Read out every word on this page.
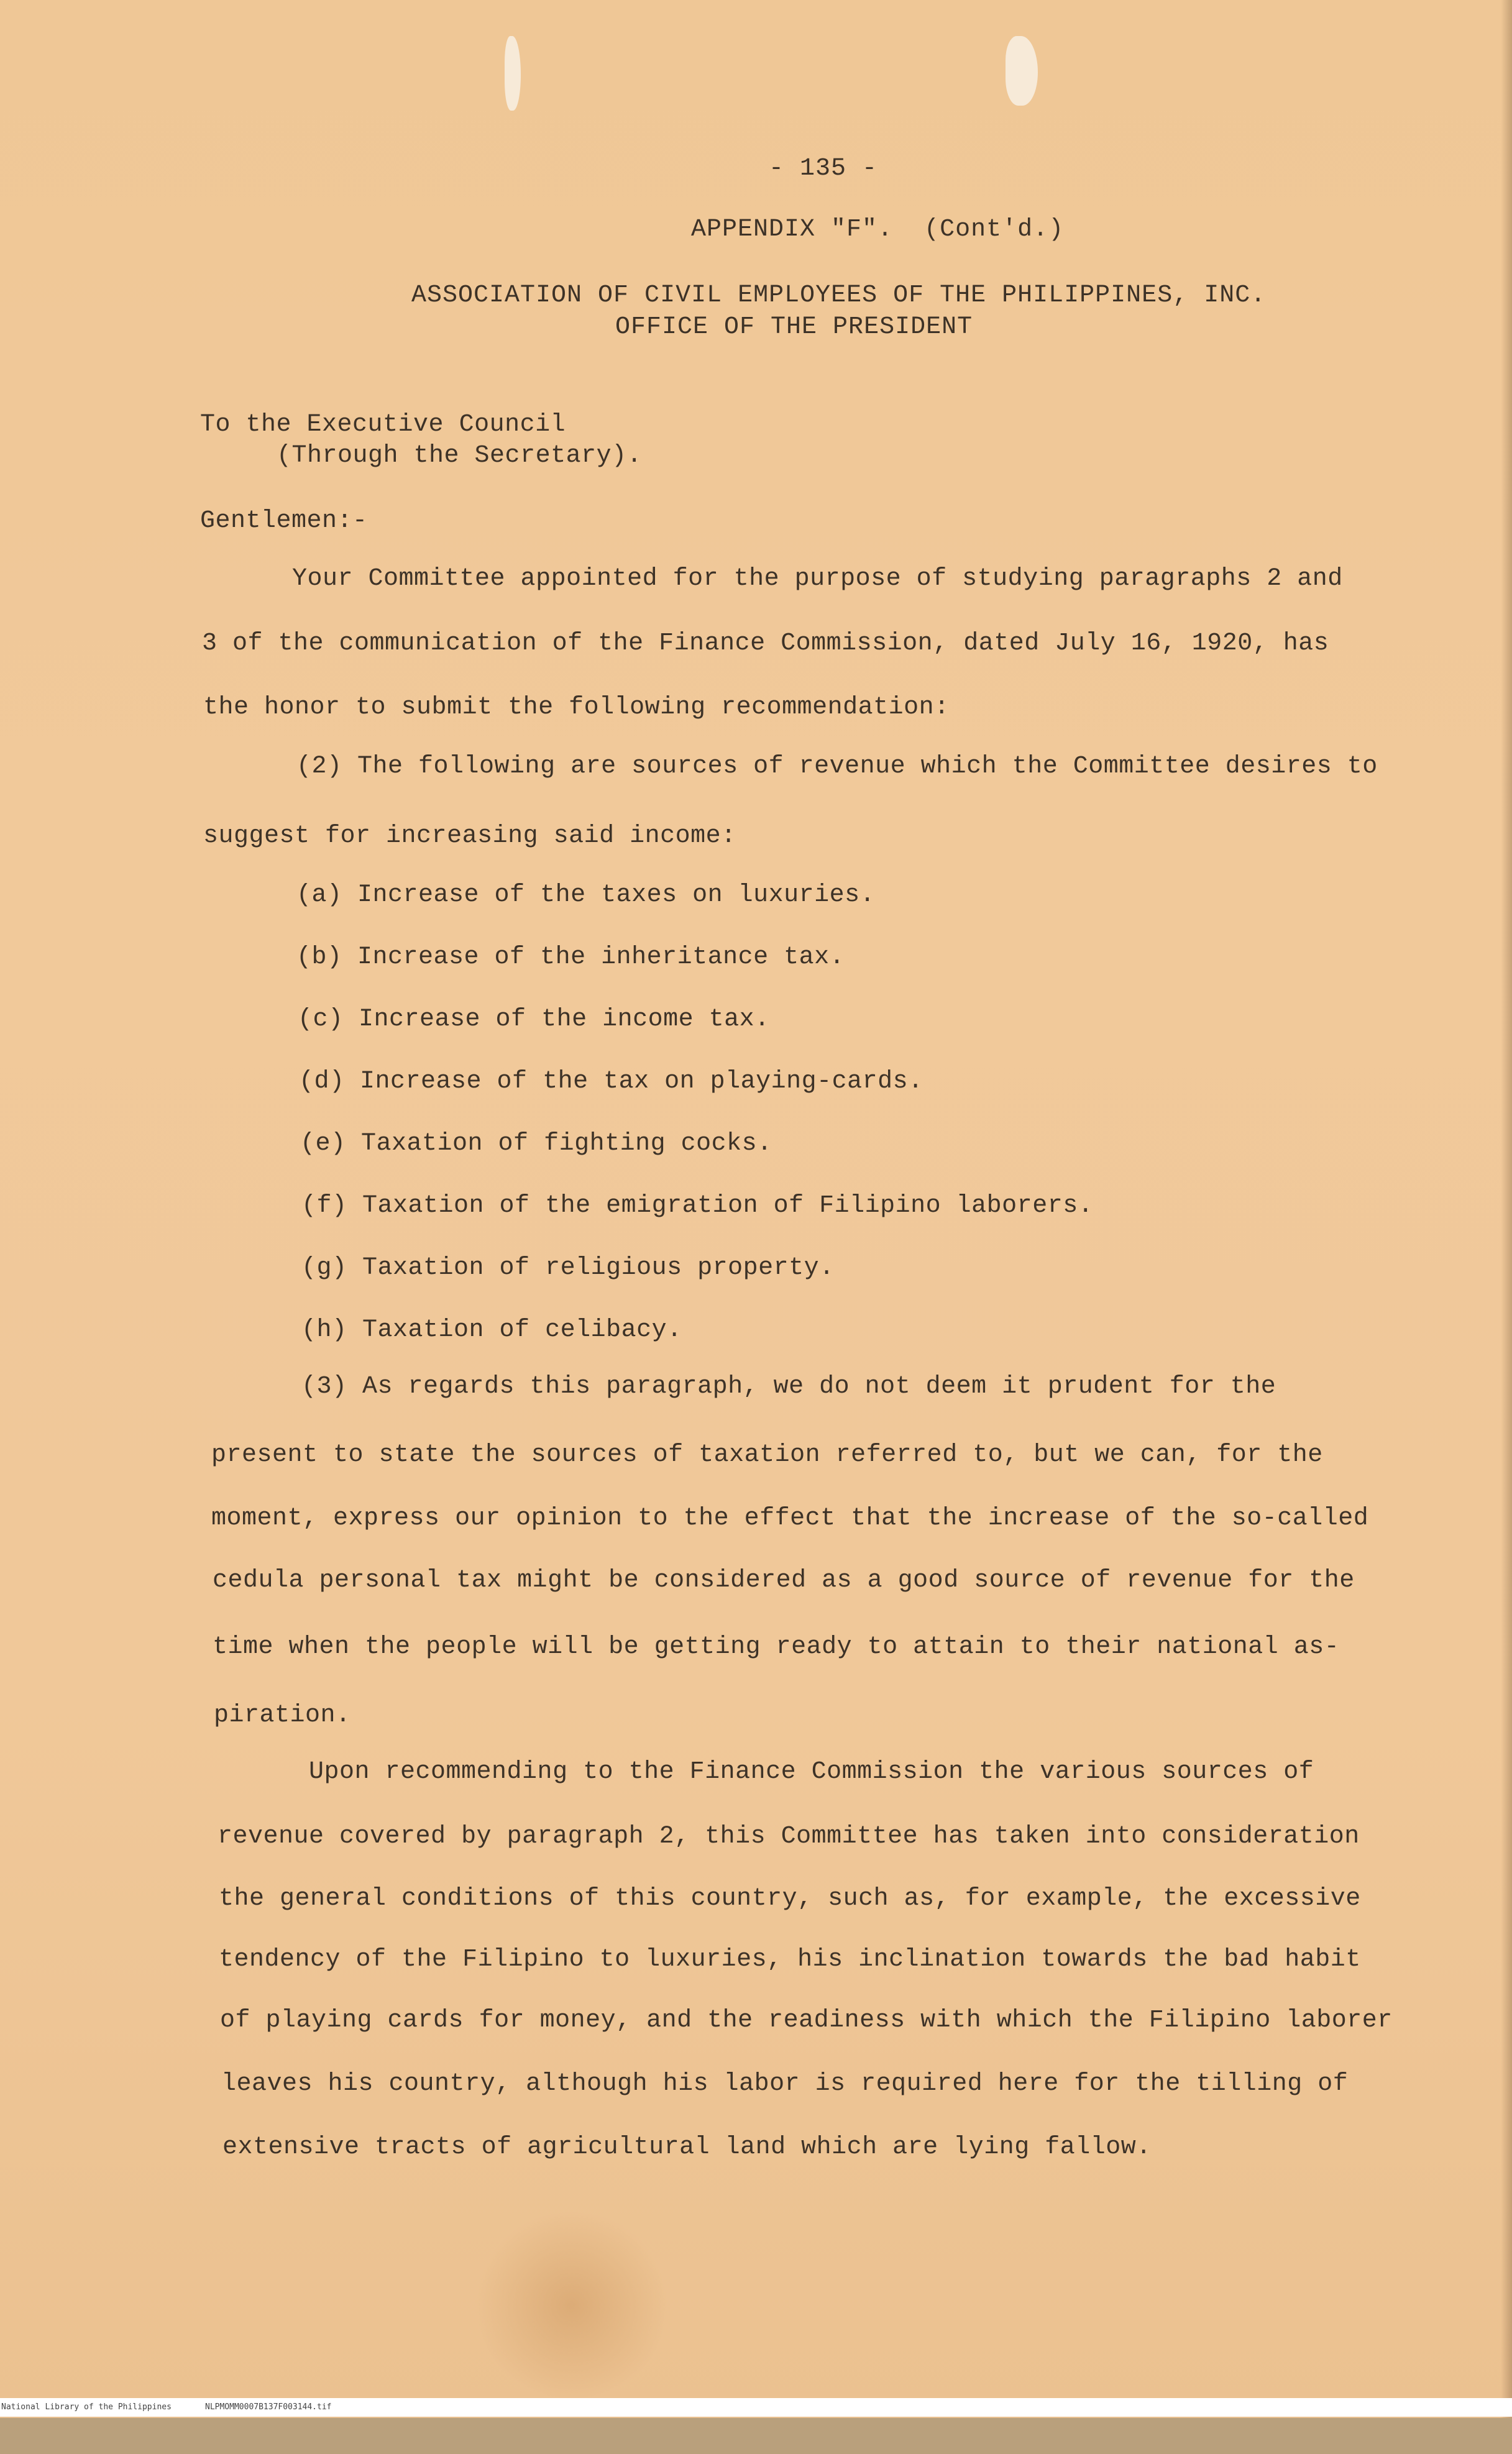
- 135 -
APPENDIX "F".  (Cont'd.)
ASSOCIATION OF CIVIL EMPLOYEES OF THE PHILIPPINES, INC.
OFFICE OF THE PRESIDENT
To the Executive Council
(Through the Secretary).
Gentlemen:-
Your Committee appointed for the purpose of studying paragraphs 2 and
3 of the communication of the Finance Commission, dated July 16, 1920, has
the honor to submit the following recommendation:
(2) The following are sources of revenue which the Committee desires to
suggest for increasing said income:
(a) Increase of the taxes on luxuries.
(b) Increase of the inheritance tax.
(c) Increase of the income tax.
(d) Increase of the tax on playing-cards.
(e) Taxation of fighting cocks.
(f) Taxation of the emigration of Filipino laborers.
(g) Taxation of religious property.
(h) Taxation of celibacy.
(3) As regards this paragraph, we do not deem it prudent for the
present to state the sources of taxation referred to, but we can, for the
moment, express our opinion to the effect that the increase of the so-called
cedula personal tax might be considered as a good source of revenue for the
time when the people will be getting ready to attain to their national as-
piration.
Upon recommending to the Finance Commission the various sources of
revenue covered by paragraph 2, this Committee has taken into consideration
the general conditions of this country, such as, for example, the excessive
tendency of the Filipino to luxuries, his inclination towards the bad habit
of playing cards for money, and the readiness with which the Filipino laborer
leaves his country, although his labor is required here for the tilling of
extensive tracts of agricultural land which are lying fallow.

National Library of the Philippines

	NLPMOMM0007B137F003144.tif
